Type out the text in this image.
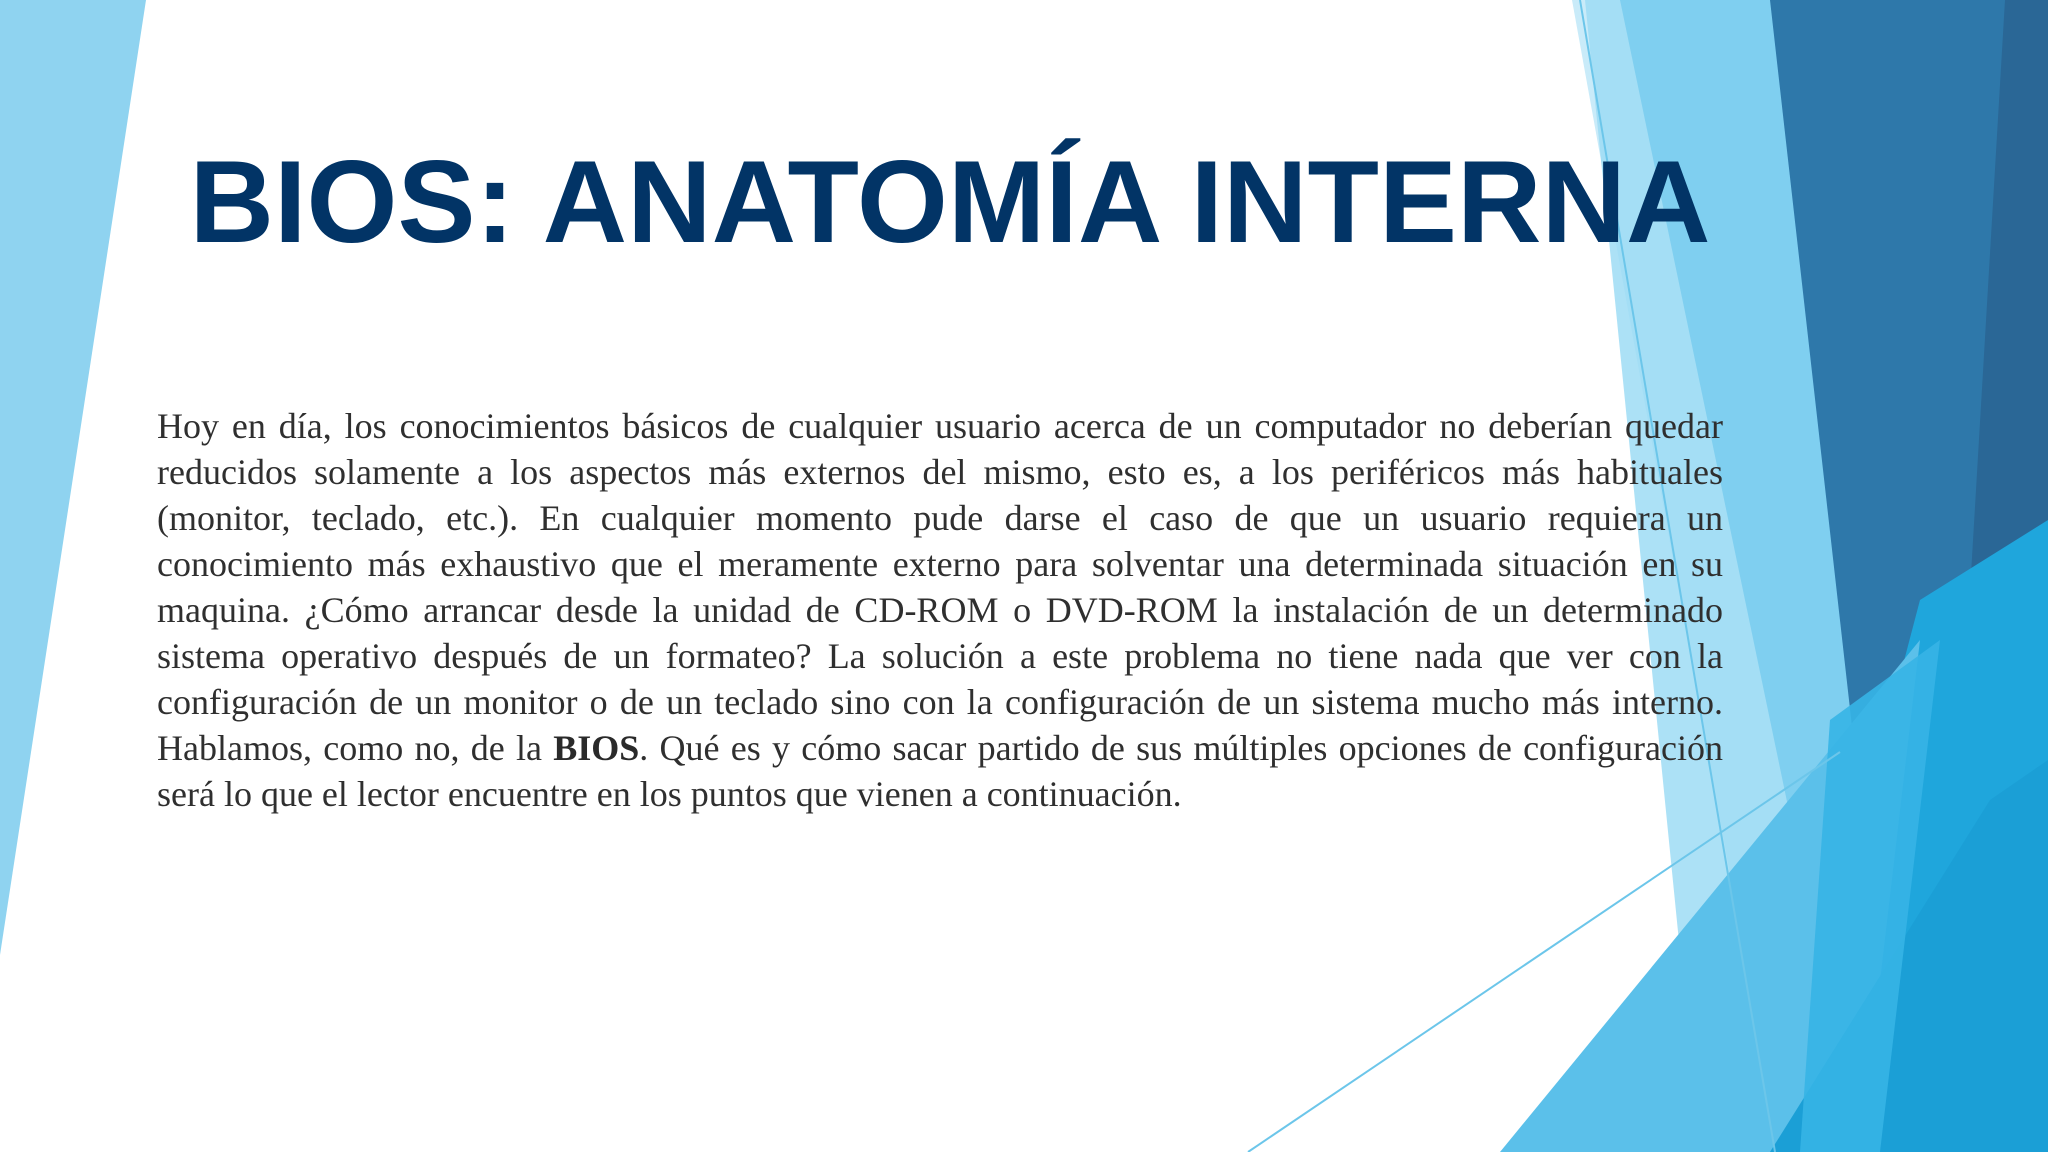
BIOS: ANATOMÍA INTERNA

Hoy en día, los conocimientos básicos de cualquier usuario acerca de un computador no deberían quedar reducidos solamente a los aspectos más externos del mismo, esto es, a los periféricos más habituales (monitor, teclado, etc.). En cualquier momento pude darse el caso de que un usuario requiera un conocimiento más exhaustivo que el meramente externo para solventar una determinada situación en su maquina. ¿Cómo arrancar desde la unidad de CD-ROM o DVD-ROM la instalación de un determinado sistema operativo después de un formateo? La solución a este problema no tiene nada que ver con la configuración de un monitor o de un teclado sino con la configuración de un sistema mucho más interno. Hablamos, como no, de la BIOS. Qué es y cómo sacar partido de sus múltiples opciones de configuración será lo que el lector encuentre en los puntos que vienen a continuación.
